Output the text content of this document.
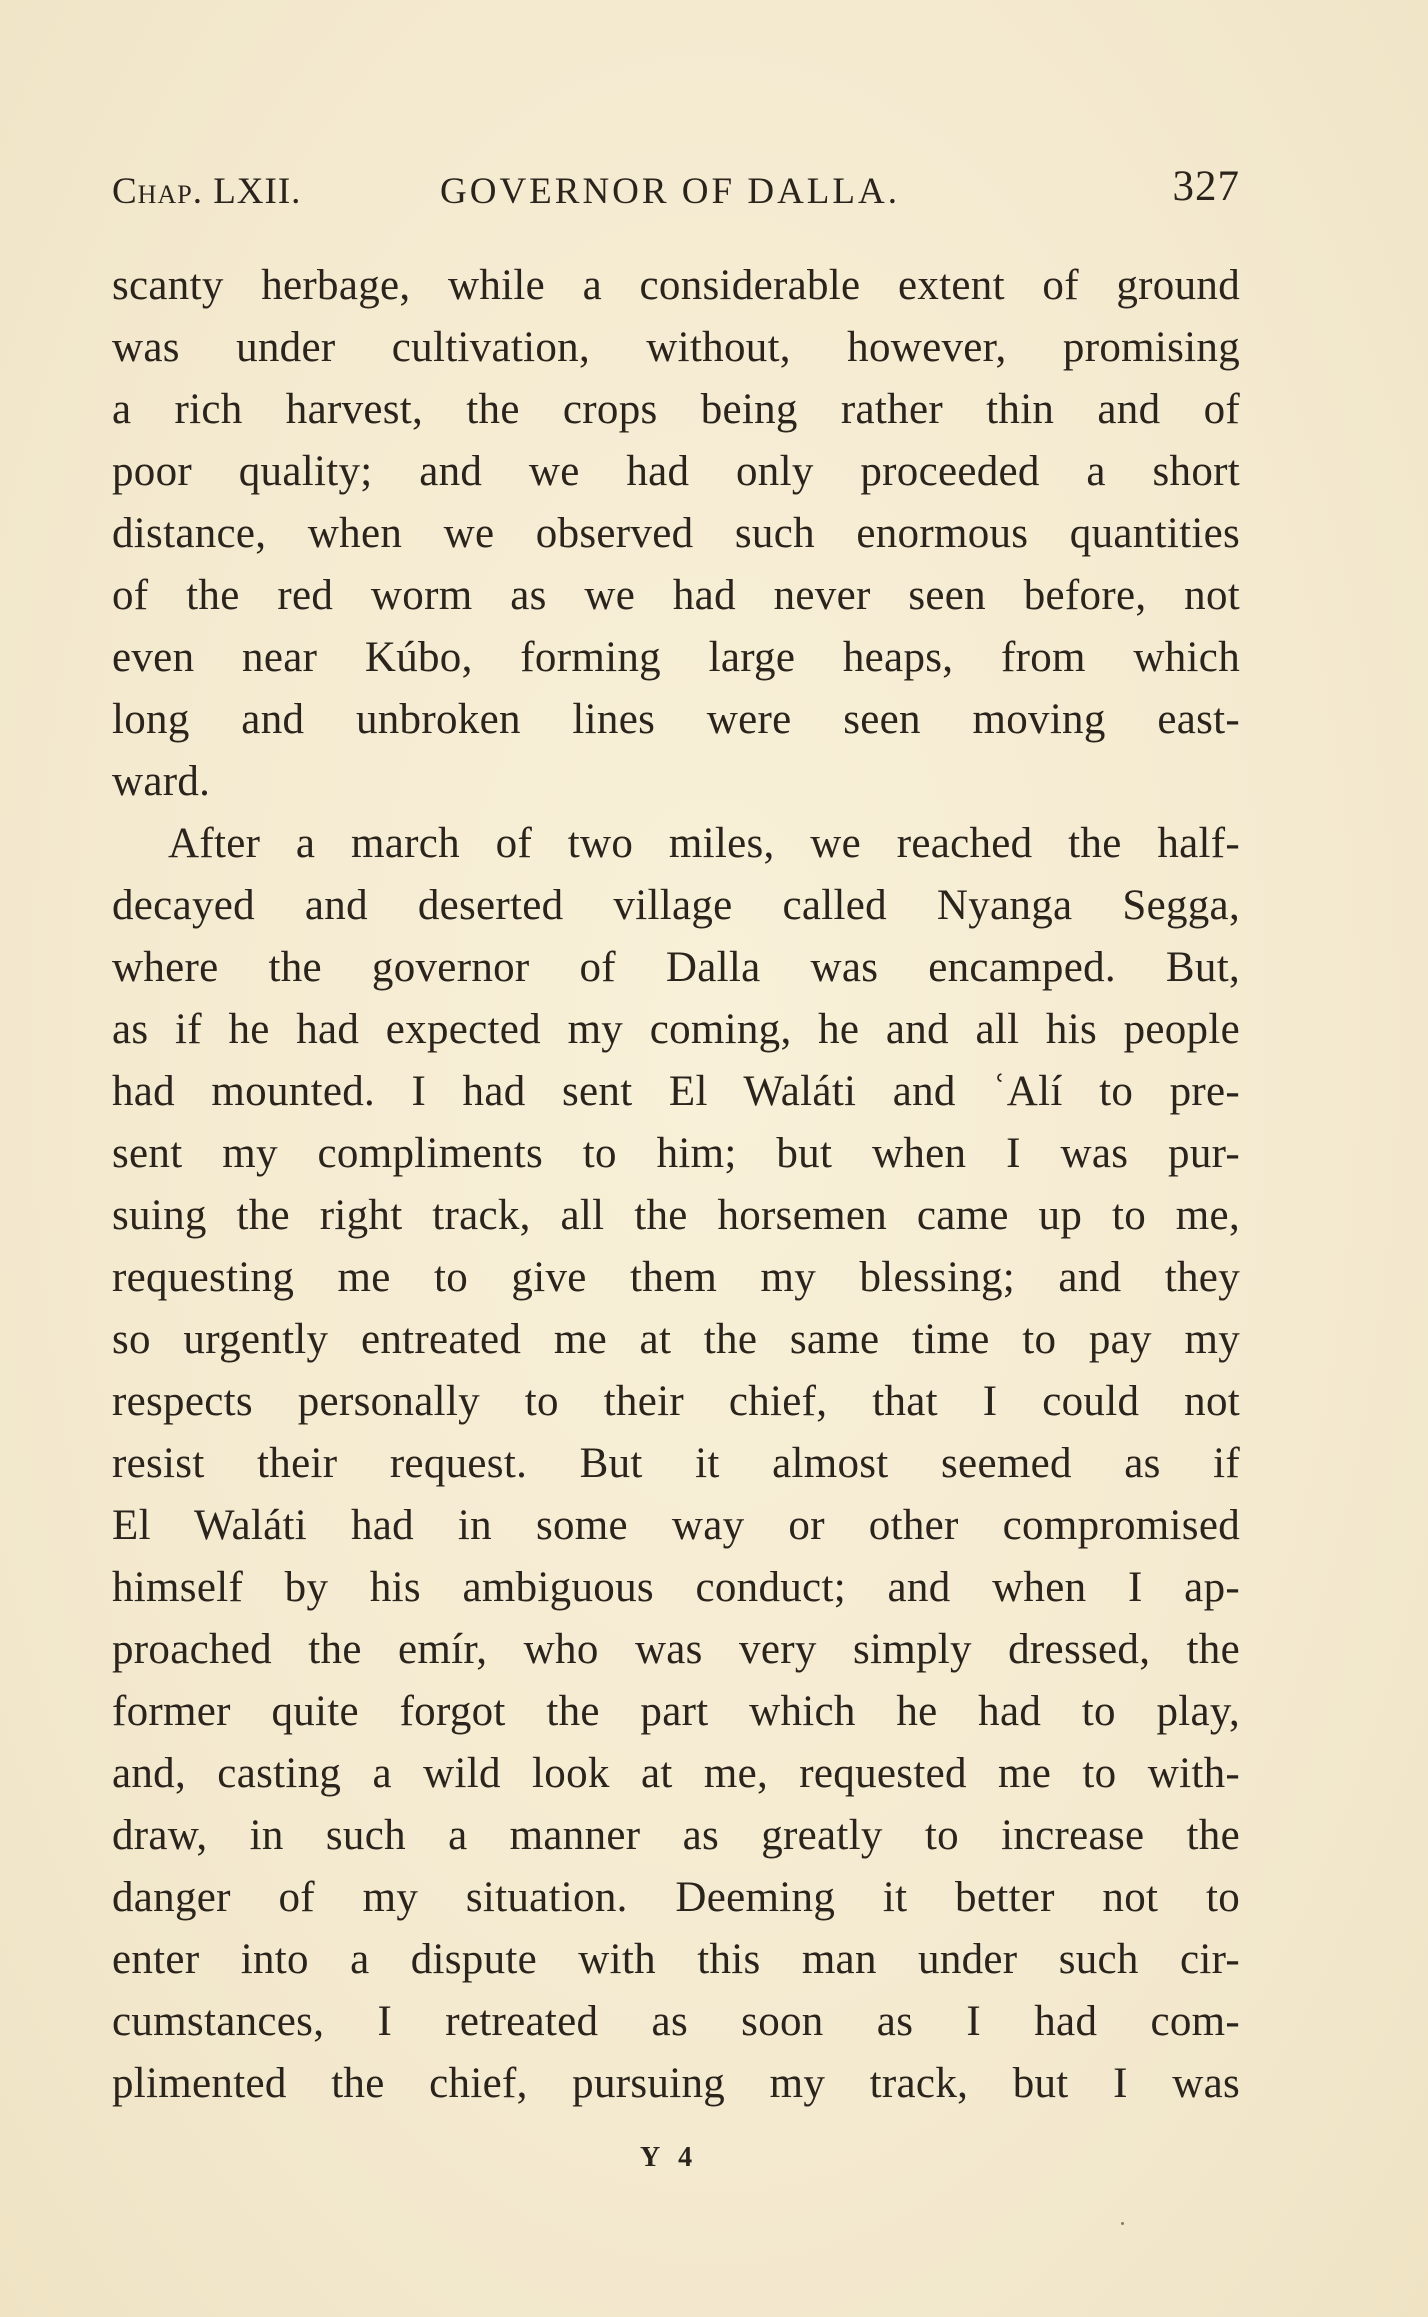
Chap. LXII.	GOVERNOR OF DALLA.	327
scanty herbage, while a considerable extent of ground
was under cultivation, without, however, promising
a rich harvest, the crops being rather thin and of
poor quality; and we had only proceeded a short
distance, when we observed such enormous quantities
of the red worm as we had never seen before, not
even near Kúbo, forming large heaps, from which
long and unbroken lines were seen moving east-
ward.
After a march of two miles, we reached the half-
decayed and deserted village called Nyanga Segga,
where the governor of Dalla was encamped. But,
as if he had expected my coming, he and all his people
had mounted. I had sent El Waláti and ʿAlí to pre-
sent my compliments to him; but when I was pur-
suing the right track, all the horsemen came up to me,
requesting me to give them my blessing; and they
so urgently entreated me at the same time to pay my
respects personally to their chief, that I could not
resist their request. But it almost seemed as if
El Waláti had in some way or other compromised
himself by his ambiguous conduct; and when I ap-
proached the emír, who was very simply dressed, the
former quite forgot the part which he had to play,
and, casting a wild look at me, requested me to with-
draw, in such a manner as greatly to increase the
danger of my situation. Deeming it better not to
enter into a dispute with this man under such cir-
cumstances, I retreated as soon as I had com-
plimented the chief, pursuing my track, but I was
Y 4
